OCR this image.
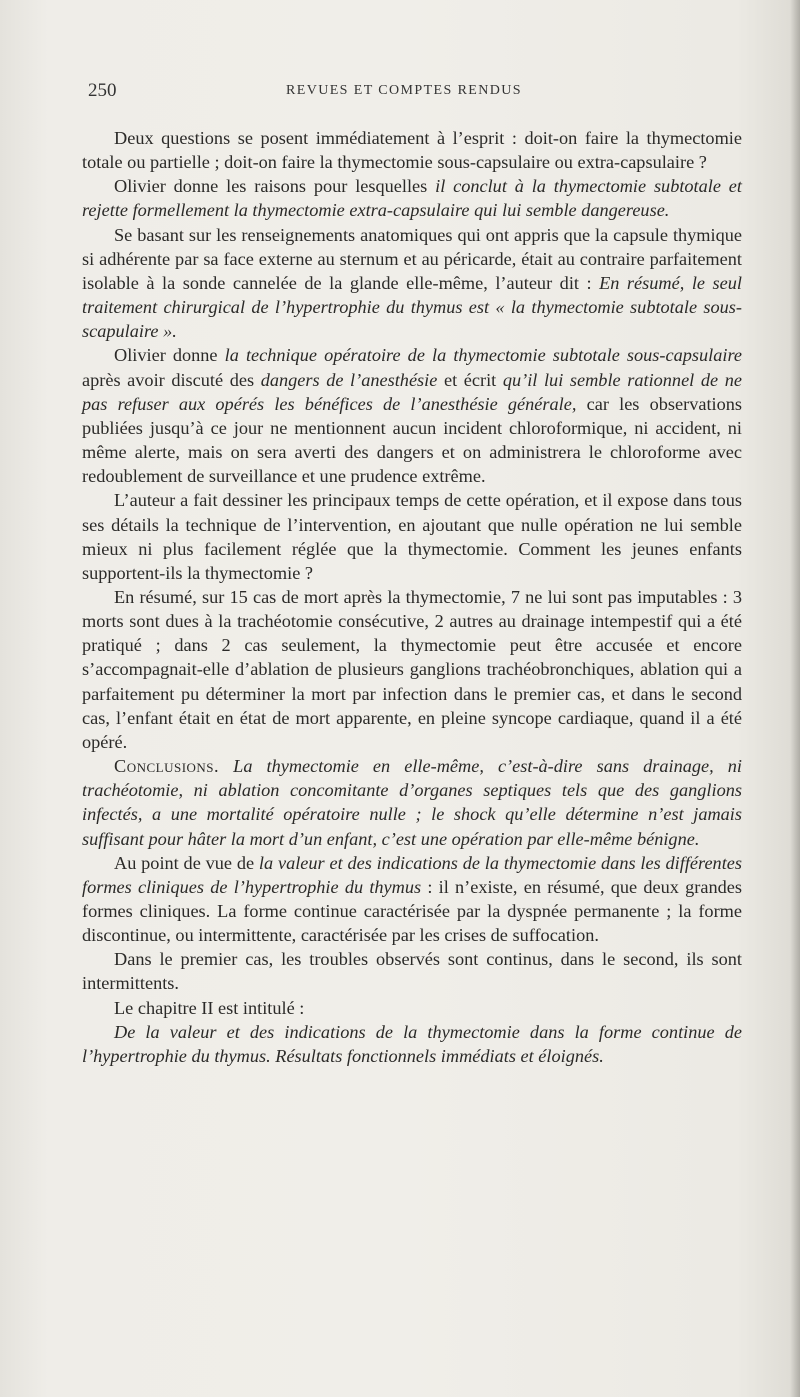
250	REVUES ET COMPTES RENDUS

Deux questions se posent immédiatement à l’esprit : doit-on faire la thymectomie totale ou partielle ; doit-on faire la thymectomie sous-capsulaire ou extra-capsulaire ?

Olivier donne les raisons pour lesquelles il conclut à la thymectomie subtotale et rejette formellement la thymectomie extra-capsulaire qui lui semble dangereuse.

Se basant sur les renseignements anatomiques qui ont appris que la capsule thymique si adhérente par sa face externe au sternum et au péricarde, était au contraire parfaitement isolable à la sonde cannelée de la glande elle-même, l’auteur dit : En résumé, le seul traitement chirurgical de l’hypertrophie du thymus est « la thymectomie subtotale sous-scapulaire ».

Olivier donne la technique opératoire de la thymectomie subtotale sous-capsulaire après avoir discuté des dangers de l’anesthésie et écrit qu’il lui semble rationnel de ne pas refuser aux opérés les bénéfices de l’anesthésie générale, car les observations publiées jusqu’à ce jour ne mentionnent aucun incident chloroformique, ni accident, ni même alerte, mais on sera averti des dangers et on administrera le chloroforme avec redoublement de surveillance et une prudence extrême.

L’auteur a fait dessiner les principaux temps de cette opération, et il expose dans tous ses détails la technique de l’intervention, en ajoutant que nulle opération ne lui semble mieux ni plus facilement réglée que la thymectomie. Comment les jeunes enfants supportent-ils la thymectomie ?

En résumé, sur 15 cas de mort après la thymectomie, 7 ne lui sont pas imputables : 3 morts sont dues à la trachéotomie consécutive, 2 autres au drainage intempestif qui a été pratiqué ; dans 2 cas seulement, la thymectomie peut être accusée et encore s’accompagnait-elle d’ablation de plusieurs ganglions trachéobronchiques, ablation qui a parfaitement pu déterminer la mort par infection dans le premier cas, et dans le second cas, l’enfant était en état de mort apparente, en pleine syncope cardiaque, quand il a été opéré.

Conclusions. La thymectomie en elle-même, c’est-à-dire sans drainage, ni trachéotomie, ni ablation concomitante d’organes septiques tels que des ganglions infectés, a une mortalité opératoire nulle ; le shock qu’elle détermine n’est jamais suffisant pour hâter la mort d’un enfant, c’est une opération par elle-même bénigne.

Au point de vue de la valeur et des indications de la thymectomie dans les différentes formes cliniques de l’hypertrophie du thymus : il n’existe, en résumé, que deux grandes formes cliniques. La forme continue caractérisée par la dyspnée permanente ; la forme discontinue, ou intermittente, caractérisée par les crises de suffocation.

Dans le premier cas, les troubles observés sont continus, dans le second, ils sont intermittents.

Le chapitre II est intitulé :

De la valeur et des indications de la thymectomie dans la forme continue de l’hypertrophie du thymus. Résultats fonctionnels immédiats et éloignés.
